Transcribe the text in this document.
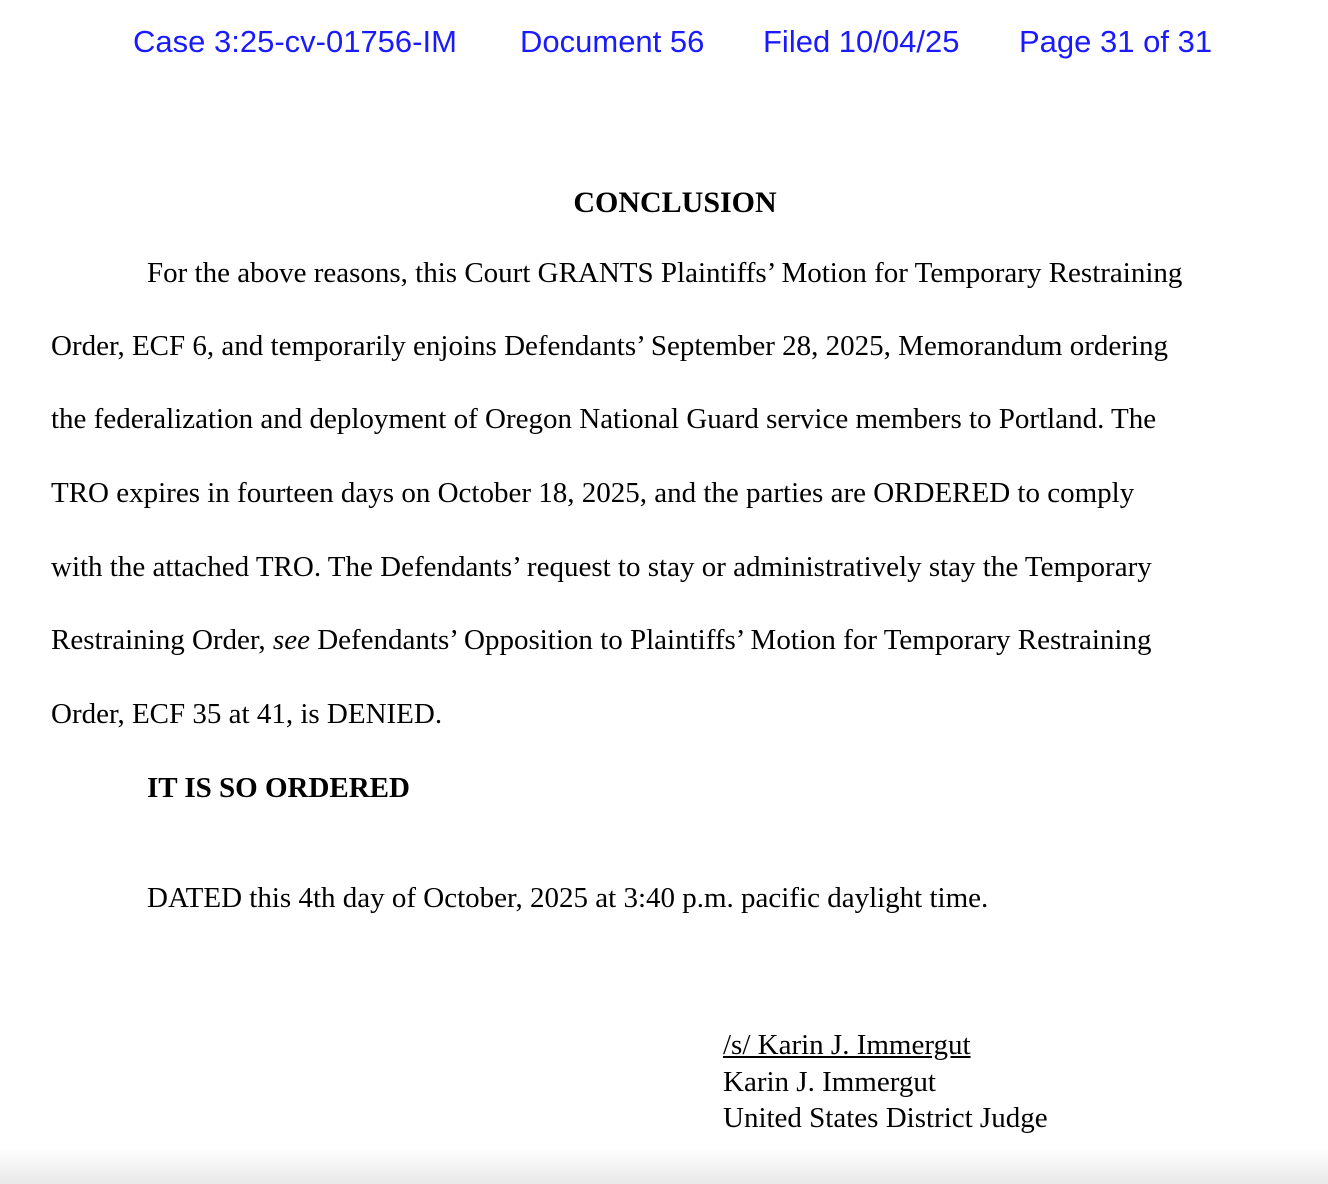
Case 3:25-cv-01756-IM Document 56 Filed 10/04/25 Page 31 of 31
CONCLUSION
For the above reasons, this Court GRANTS Plaintiffs’ Motion for Temporary Restraining
Order, ECF 6, and temporarily enjoins Defendants’ September 28, 2025, Memorandum ordering
the federalization and deployment of Oregon National Guard service members to Portland. The
TRO expires in fourteen days on October 18, 2025, and the parties are ORDERED to comply
with the attached TRO. The Defendants’ request to stay or administratively stay the Temporary
Restraining Order, see Defendants’ Opposition to Plaintiffs’ Motion for Temporary Restraining
Order, ECF 35 at 41, is DENIED.
IT IS SO ORDERED
DATED this 4th day of October, 2025 at 3:40 p.m. pacific daylight time.
/s/ Karin J. Immergut
Karin J. Immergut
United States District Judge
